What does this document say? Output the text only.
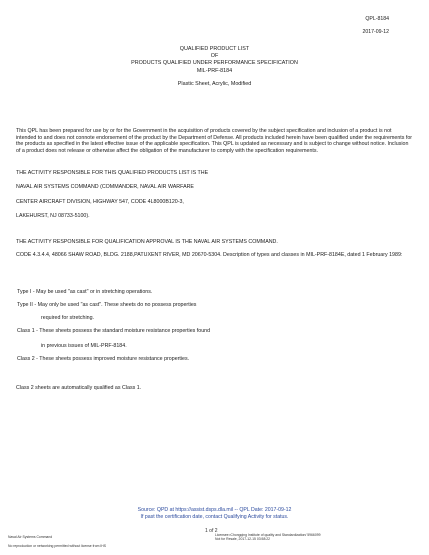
QPL-8184
2017-09-12
QUALIFIED PRODUCT LIST
OF
PRODUCTS QUALIFIED UNDER PERFORMANCE SPECIFICATION
MIL-PRF-8184
Plastic Sheet, Acrylic, Modified
This QPL has been prepared for use by or for the Government in the acquisition of products covered by the subject specification and inclusion of a product is not intended to and does not connote endorsement of the product by the Department of Defense. All products included herein have been qualified under the requirements for the products as specified in the latest effective issue of the applicable specification. This QPL is updated as necessary and is subject to change without notice. Inclusion of a product does not release or otherwise affect the obligation of the manufacturer to comply with the specification requirements.
THE ACTIVITY RESPONSIBLE FOR THIS QUALIFIED PRODUCTS LIST IS THE
NAVAL AIR SYSTEMS COMMAND (COMMANDER, NAVAL AIR WARFARE
CENTER AIRCRAFT DIVISION, HIGHWAY 547, CODE 4L8000B120-3,
LAKEHURST, NJ 08733-5100).
THE ACTIVITY RESPONSIBLE FOR QUALIFICATION APPROVAL IS THE NAVAL AIR SYSTEMS COMMAND.
CODE 4.3.4.4, 48066 SHAW ROAD, BLDG. 2188,PATUXENT RIVER, MD 20670-5304. Description of types and classes in MIL-PRF-8184E, dated 1 February 1989:
Type I - May be used "as cast" or in stretching operations.
Type II - May only be used "as cast". These sheets do no possess properties
required for stretching.
Class 1 - These sheets possess the standard moisture resistance properties found
in previous issues of MIL-PRF-8184.
Class 2 - These sheets possess improved moisture resistance properties.
Class 2 sheets are automatically qualified as Class 1.
Source: QPD at https://assist.dsps.dla.mil -- QPL Date: 2017-09-12
If past the certification date, contact Qualifying Activity for status.
Naval Air Systems Command
No reproduction or networking permitted without license from IHS
1 of 2
Licensee=Chongqing Institute of quality and Standardization/ 5966099
Not for Resale, 2017-12-15 03:58:22
